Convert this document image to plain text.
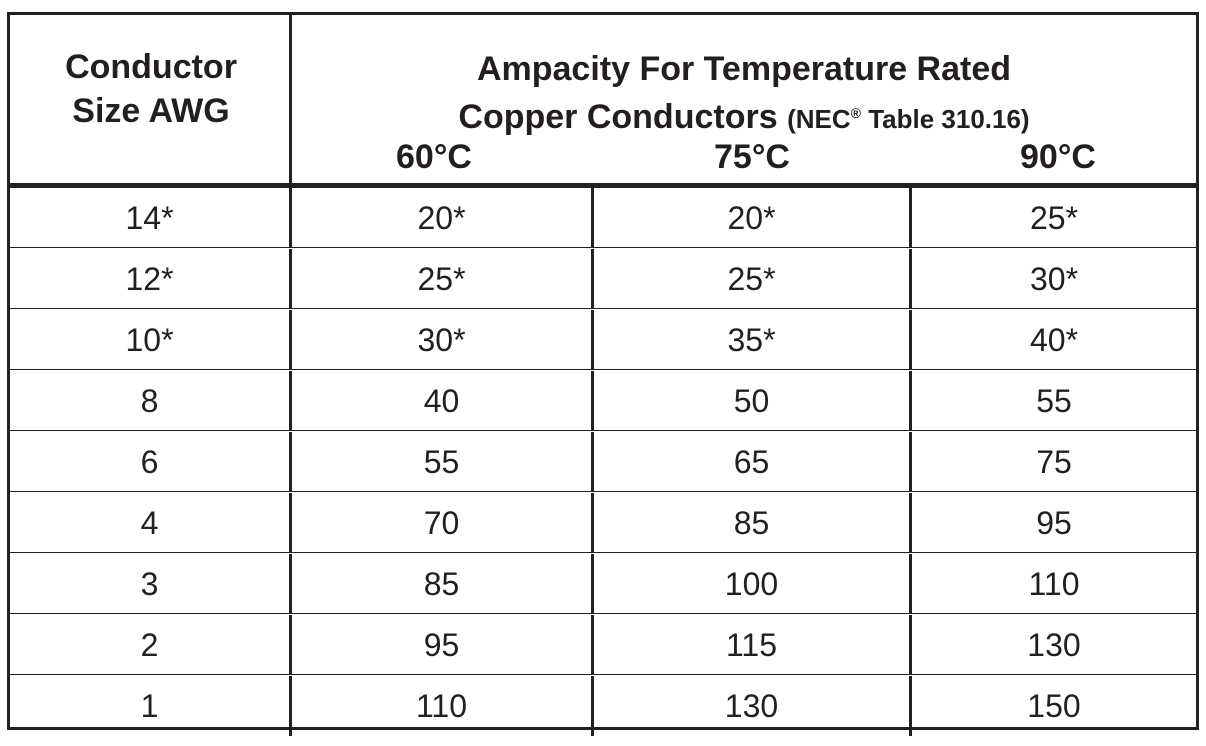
Conductor
Size AWG
Ampacity For Temperature Rated
Copper Conductors (NEC® Table 310.16)
60°C	75°C	90°C
14*	20*	20*	25*
12*	25*	25*	30*
10*	30*	35*	40*
8	40	50	55
6	55	65	75
4	70	85	95
3	85	100	110
2	95	115	130
1	110	130	150
